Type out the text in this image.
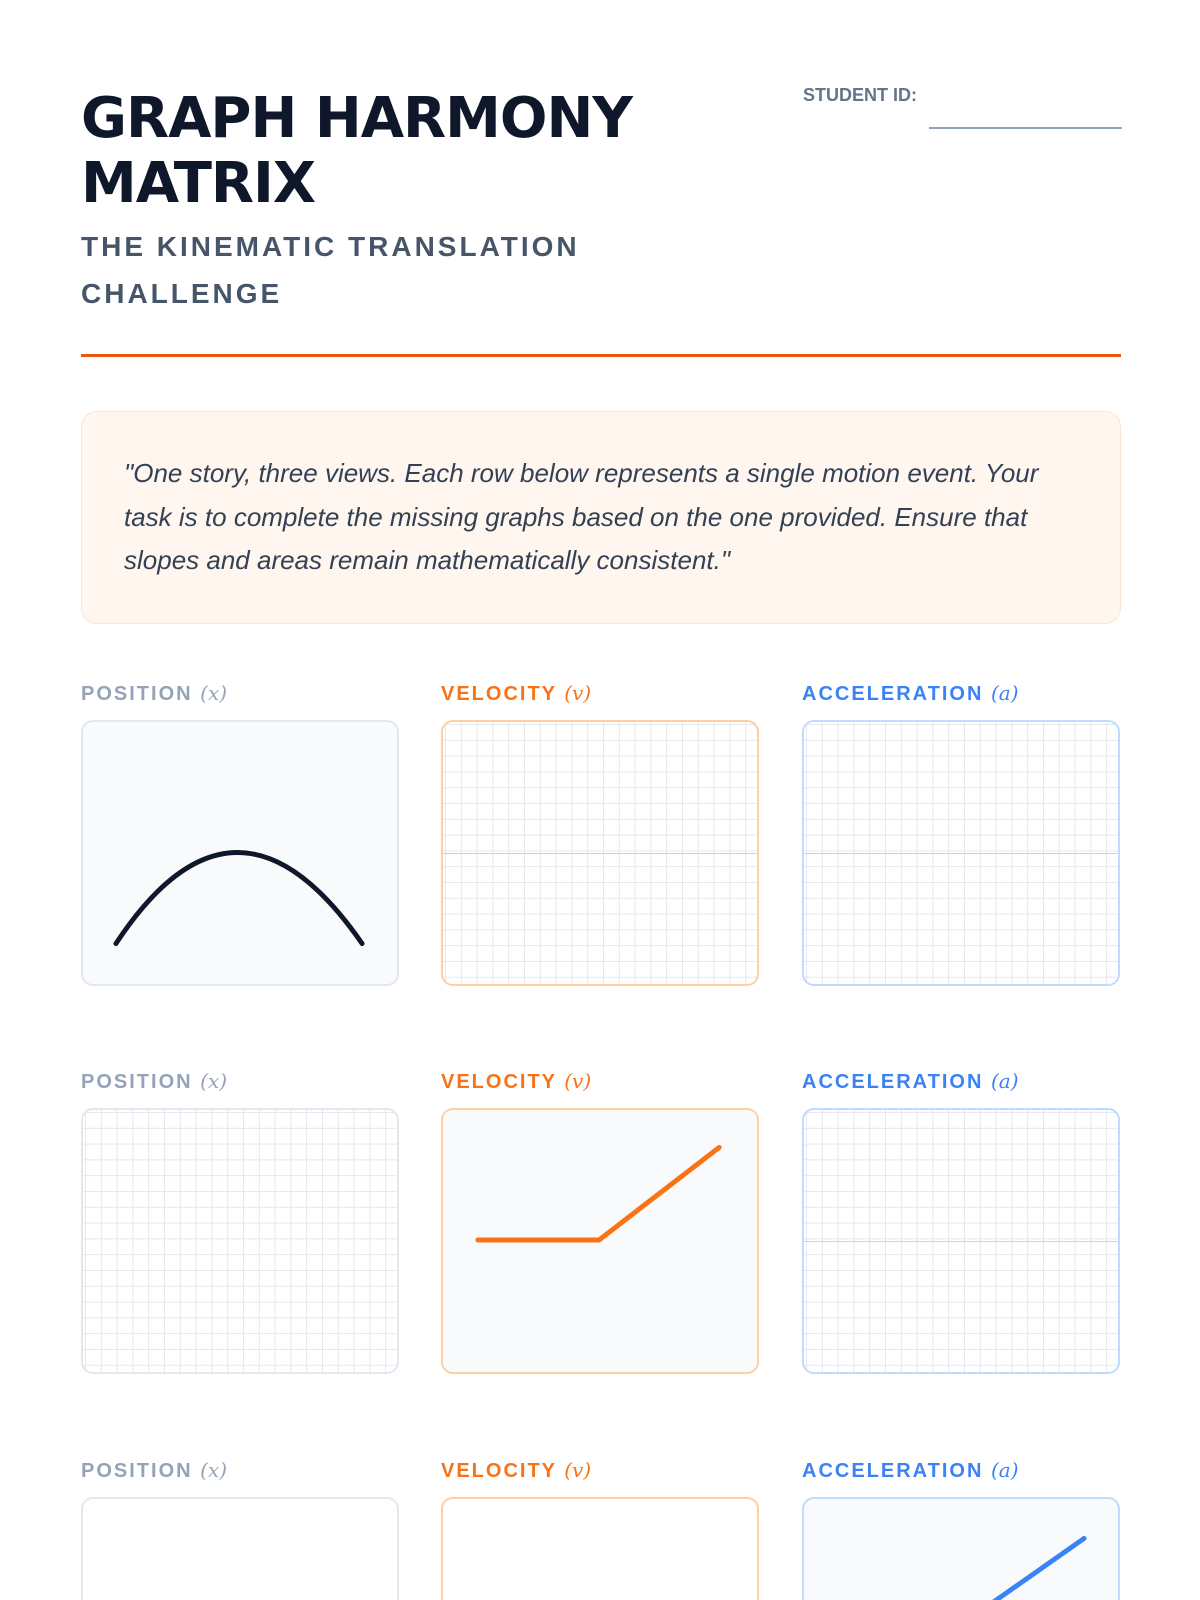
GRAPH HARMONY MATRIX
THE KINEMATIC TRANSLATION CHALLENGE
STUDENT ID:

"One story, three views. Each row below represents a single motion event. Your task is to complete the missing graphs based on the one provided. Ensure that slopes and areas remain mathematically consistent."

POSITION (x)	VELOCITY (v)	ACCELERATION (a)
POSITION (x)	VELOCITY (v)	ACCELERATION (a)
POSITION (x)	VELOCITY (v)	ACCELERATION (a)
